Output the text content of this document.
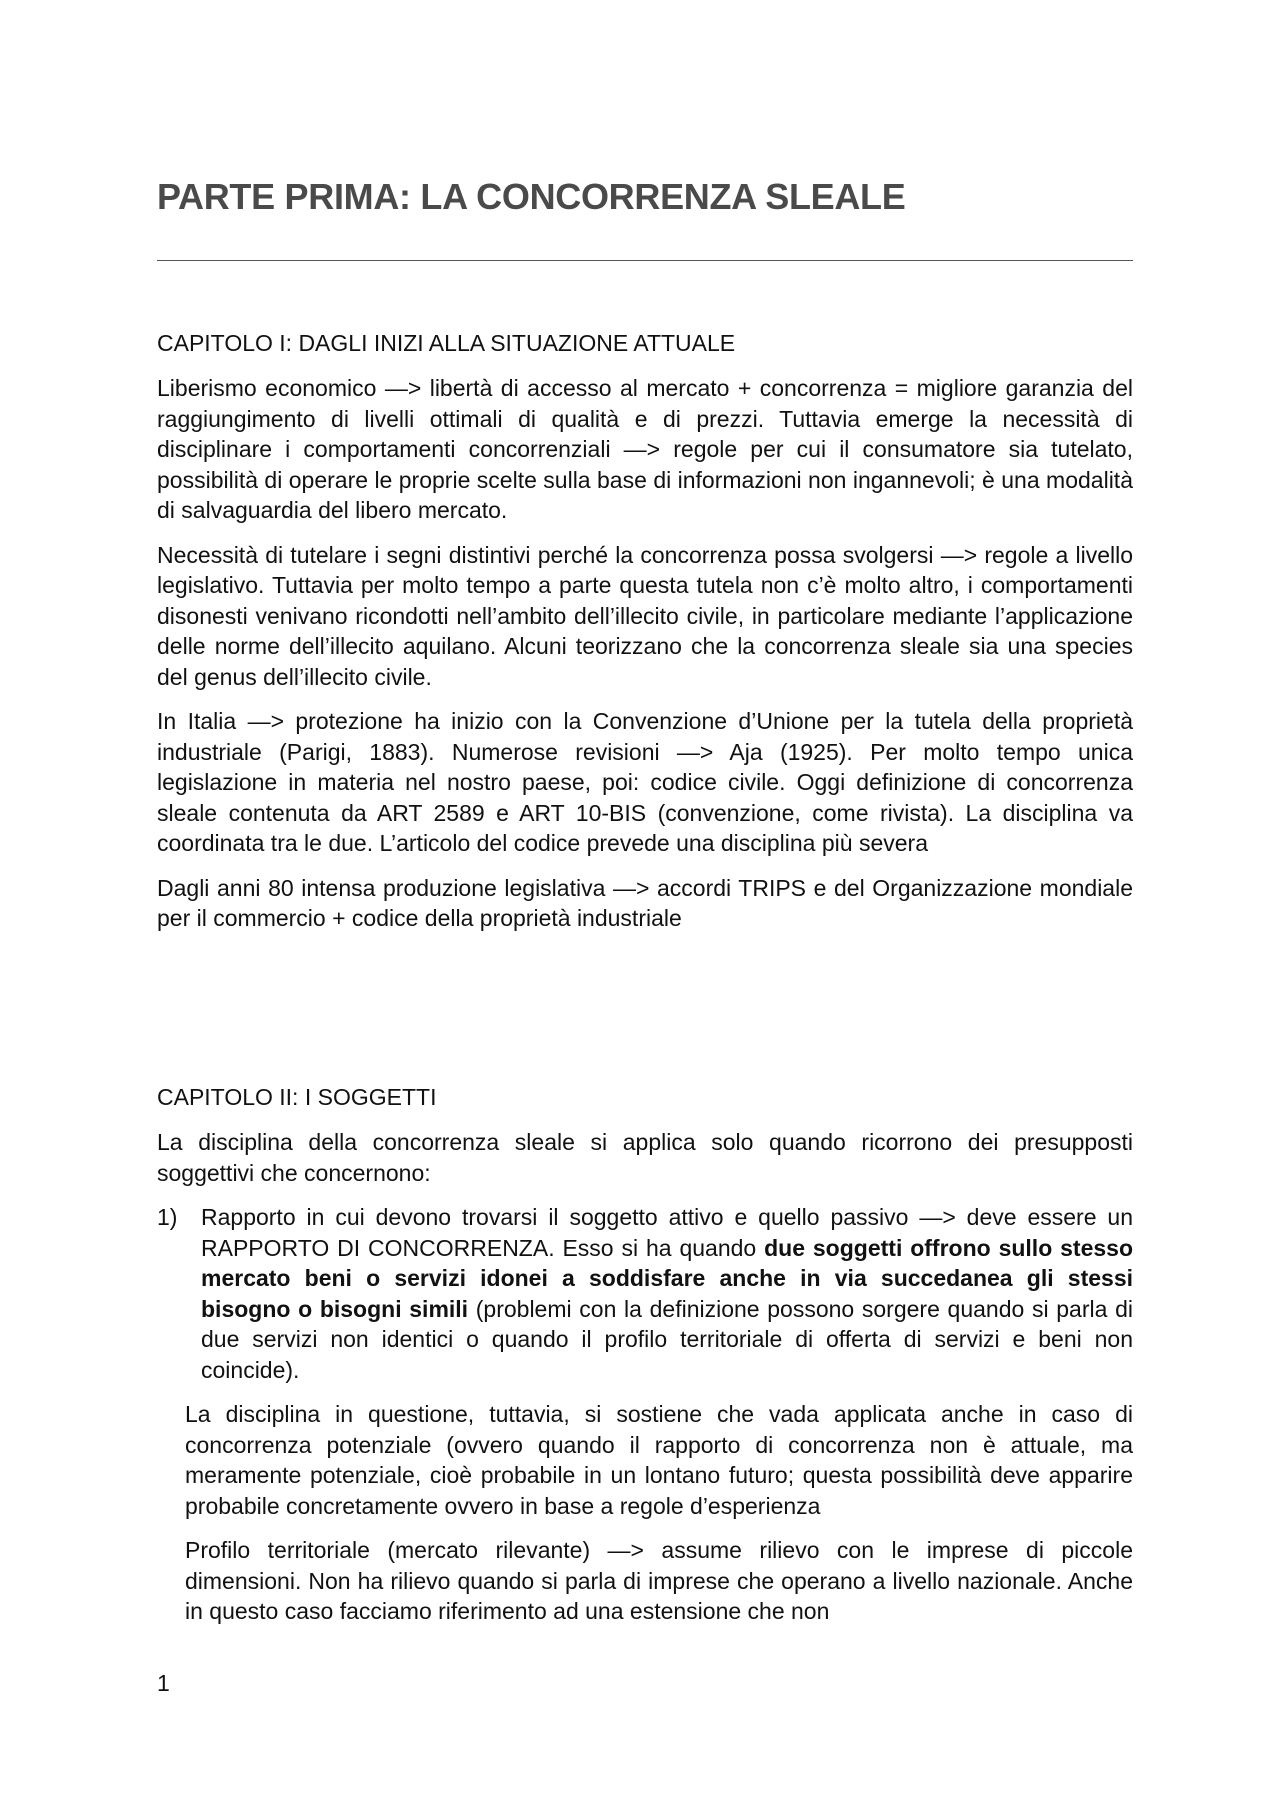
PARTE PRIMA: LA CONCORRENZA SLEALE
CAPITOLO I: DAGLI INIZI ALLA SITUAZIONE ATTUALE

Liberismo economico —> libertà di accesso al mercato + concorrenza = migliore garanzia del raggiungimento di livelli ottimali di qualità e di prezzi. Tuttavia emerge la necessità di disciplinare i comportamenti concorrenziali —> regole per cui il consumatore sia tutelato, possibilità di operare le proprie scelte sulla base di informazioni non ingannevoli; è una modalità di salvaguardia del libero mercato.

Necessità di tutelare i segni distintivi perché la concorrenza possa svolgersi —> regole a livello legislativo. Tuttavia per molto tempo a parte questa tutela non c’è molto altro, i comportamenti disonesti venivano ricondotti nell’ambito dell’illecito civile, in particolare mediante l’applicazione delle norme dell’illecito aquilano. Alcuni teorizzano che la concorrenza sleale sia una species del genus dell’illecito civile.

In Italia —> protezione ha inizio con la Convenzione d’Unione per la tutela della proprietà industriale (Parigi, 1883). Numerose revisioni —> Aja (1925). Per molto tempo unica legislazione in materia nel nostro paese, poi: codice civile. Oggi definizione di concorrenza sleale contenuta da ART 2589 e ART 10-BIS (convenzione, come rivista). La disciplina va coordinata tra le due. L’articolo del codice prevede una disciplina più severa

Dagli anni 80 intensa produzione legislativa —> accordi TRIPS e del Organizzazione mondiale per il commercio + codice della proprietà industriale

CAPITOLO II: I SOGGETTI

La disciplina della concorrenza sleale si applica solo quando ricorrono dei presupposti soggettivi che concernono:

1) Rapporto in cui devono trovarsi il soggetto attivo e quello passivo —> deve essere un RAPPORTO DI CONCORRENZA. Esso si ha quando due soggetti offrono sullo stesso mercato beni o servizi idonei a soddisfare anche in via succedanea gli stessi bisogno o bisogni simili (problemi con la definizione possono sorgere quando si parla di due servizi non identici o quando il profilo territoriale di offerta di servizi e beni non coincide).

La disciplina in questione, tuttavia, si sostiene che vada applicata anche in caso di concorrenza potenziale (ovvero quando il rapporto di concorrenza non è attuale, ma meramente potenziale, cioè probabile in un lontano futuro; questa possibilità deve apparire probabile concretamente ovvero in base a regole d’esperienza

Profilo territoriale (mercato rilevante) —> assume rilievo con le imprese di piccole dimensioni. Non ha rilievo quando si parla di imprese che operano a livello nazionale. Anche in questo caso facciamo riferimento ad una estensione che non

1
